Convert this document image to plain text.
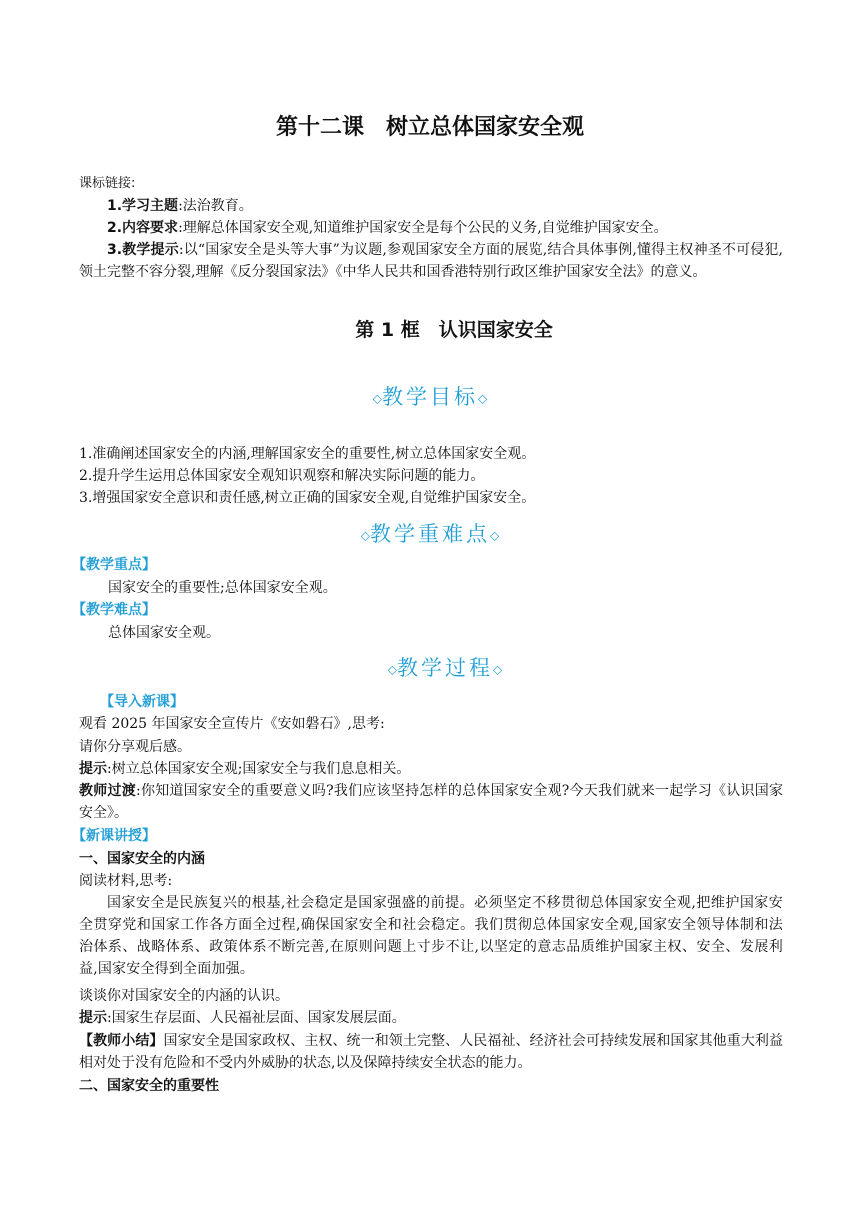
第十二课　树立总体国家安全观
课标链接:
1.学习主题:法治教育。
2.内容要求:理解总体国家安全观,知道维护国家安全是每个公民的义务,自觉维护国家安全。
3.教学提示:以“国家安全是头等大事”为议题,参观国家安全方面的展览,结合具体事例,懂得主权神圣不可侵犯,领土完整不容分裂,理解《反分裂国家法》《中华人民共和国香港特别行政区维护国家安全法》的意义。
第 1 框　认识国家安全
◇教学目标◇
1.准确阐述国家安全的内涵,理解国家安全的重要性,树立总体国家安全观。
2.提升学生运用总体国家安全观知识观察和解决实际问题的能力。
3.增强国家安全意识和责任感,树立正确的国家安全观,自觉维护国家安全。
◇教学重难点◇
【教学重点】
国家安全的重要性;总体国家安全观。
【教学难点】
总体国家安全观。
◇教学过程◇
【导入新课】
观看 2025 年国家安全宣传片《安如磐石》,思考:
请你分享观后感。
提示:树立总体国家安全观;国家安全与我们息息相关。
教师过渡:你知道国家安全的重要意义吗?我们应该坚持怎样的总体国家安全观?今天我们就来一起学习《认识国家安全》。
【新课讲授】
一、国家安全的内涵
阅读材料,思考:
国家安全是民族复兴的根基,社会稳定是国家强盛的前提。必须坚定不移贯彻总体国家安全观,把维护国家安全贯穿党和国家工作各方面全过程,确保国家安全和社会稳定。我们贯彻总体国家安全观,国家安全领导体制和法治体系、战略体系、政策体系不断完善,在原则问题上寸步不让,以坚定的意志品质维护国家主权、安全、发展利益,国家安全得到全面加强。
谈谈你对国家安全的内涵的认识。
提示:国家生存层面、人民福祉层面、国家发展层面。
【教师小结】国家安全是国家政权、主权、统一和领土完整、人民福祉、经济社会可持续发展和国家其他重大利益相对处于没有危险和不受内外威胁的状态,以及保障持续安全状态的能力。
二、国家安全的重要性
